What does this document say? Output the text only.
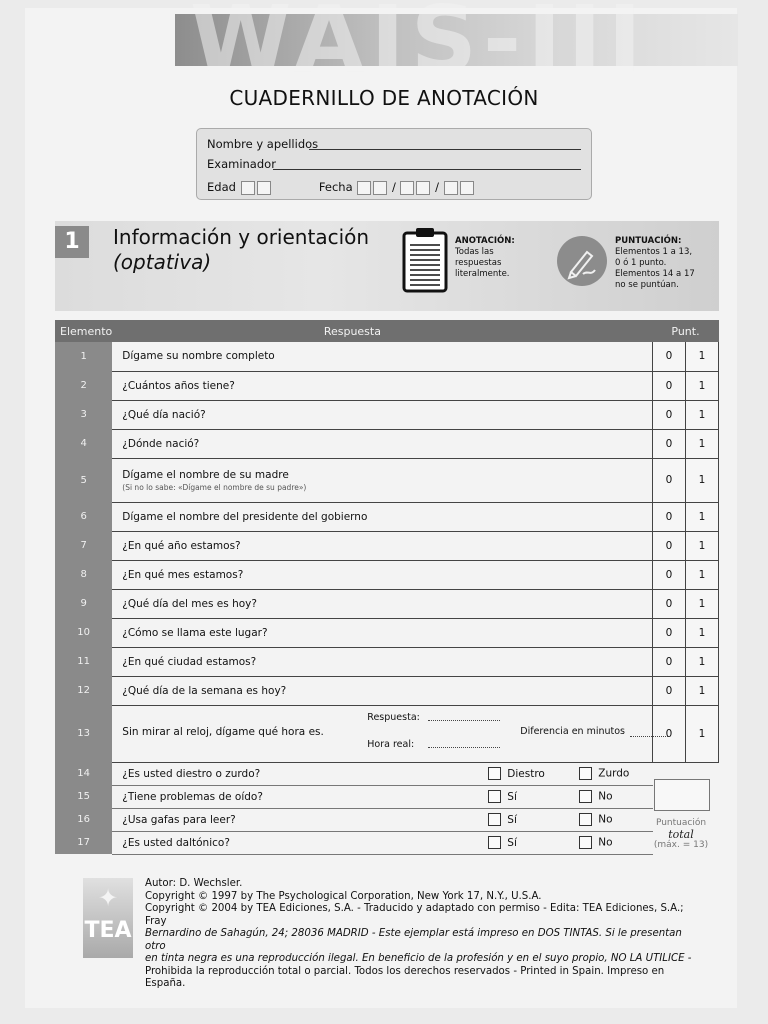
WAIS-III
CUADERNILLO DE ANOTACIÓN
Nombre y apellidos
Examinador
Edad	Fecha	/	/
1	Información y orientación
(optativa)
ANOTACIÓN:
Todas las respuestas literalmente.
PUNTUACIÓN:
Elementos 1 a 13,
0 ó 1 punto.
Elementos 14 a 17
no se puntúan.
Elemento	Respuesta	Punt.	
1	Dígame su nombre completo	0	1
2	¿Cuántos años tiene?	0	1
3	¿Qué día nació?	0	1
4	¿Dónde nació?	0	1
5	Dígame el nombre de su madre
(Si no lo sabe: «Dígame el nombre de su padre»)	0	1
6	Dígame el nombre del presidente del gobierno	0	1
7	¿En qué año estamos?	0	1
8	¿En qué mes estamos?	0	1
9	¿Qué día del mes es hoy?	0	1
10	¿Cómo se llama este lugar?	0	1
11	¿En qué ciudad estamos?	0	1
12	¿Qué día de la semana es hoy?	0	1
13	Sin mirar al reloj, dígame qué hora es.
Respuesta:
Hora real:
Diferencia en minutos	0	1
14	¿Es usted diestro o zurdo? Diestro Zurdo		
15	¿Tiene problemas de oído? Sí No		
16	¿Usa gafas para leer? Sí No		
17	¿Es usted daltónico? Sí No		
Puntuación
total
(máx. = 13)
✦
TEA
Autor: D. Wechsler.
Copyright © 1997 by The Psychological Corporation, New York 17, N.Y., U.S.A.
Copyright © 2004 by TEA Ediciones, S.A. - Traducido y adaptado con permiso - Edita: TEA Ediciones, S.A.; Fray
Bernardino de Sahagún, 24; 28036 MADRID - Este ejemplar está impreso en DOS TINTAS. Si le presentan otro
en tinta negra es una reproducción ilegal. En beneficio de la profesión y en el suyo propio, NO LA UTILICE -
Prohibida la reproducción total o parcial. Todos los derechos reservados - Printed in Spain. Impreso en España.
